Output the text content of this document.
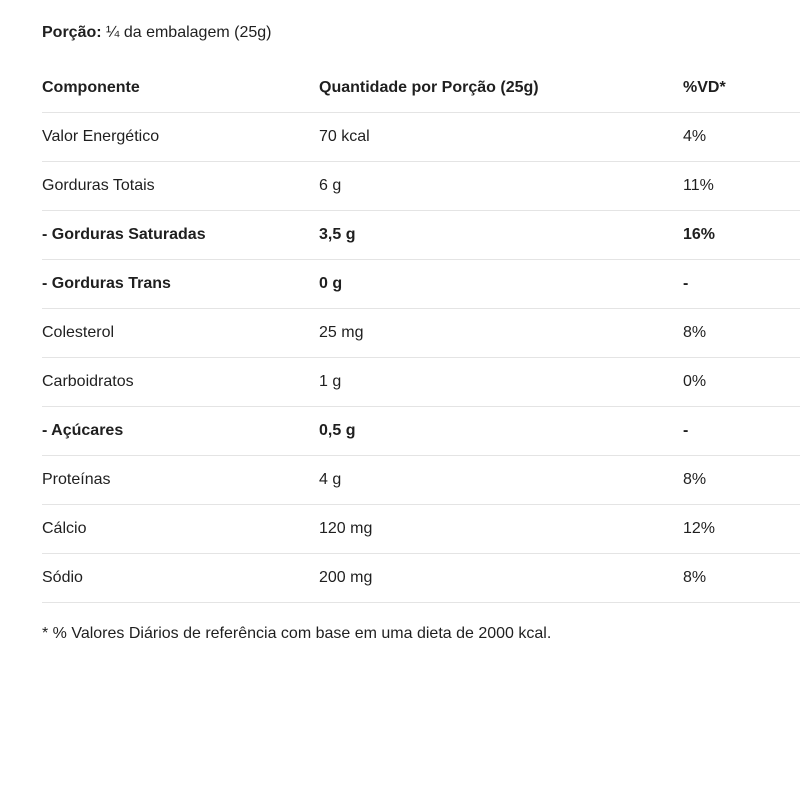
Porção: ¼ da embalagem (25g)
Componente	Quantidade por Porção (25g)	%VD*
Valor Energético	70 kcal	4%
Gorduras Totais	6 g	11%
- Gorduras Saturadas	3,5 g	16%
- Gorduras Trans	0 g	-
Colesterol	25 mg	8%
Carboidratos	1 g	0%
- Açúcares	0,5 g	-
Proteínas	4 g	8%
Cálcio	120 mg	12%
Sódio	200 mg	8%
* % Valores Diários de referência com base em uma dieta de 2000 kcal.
